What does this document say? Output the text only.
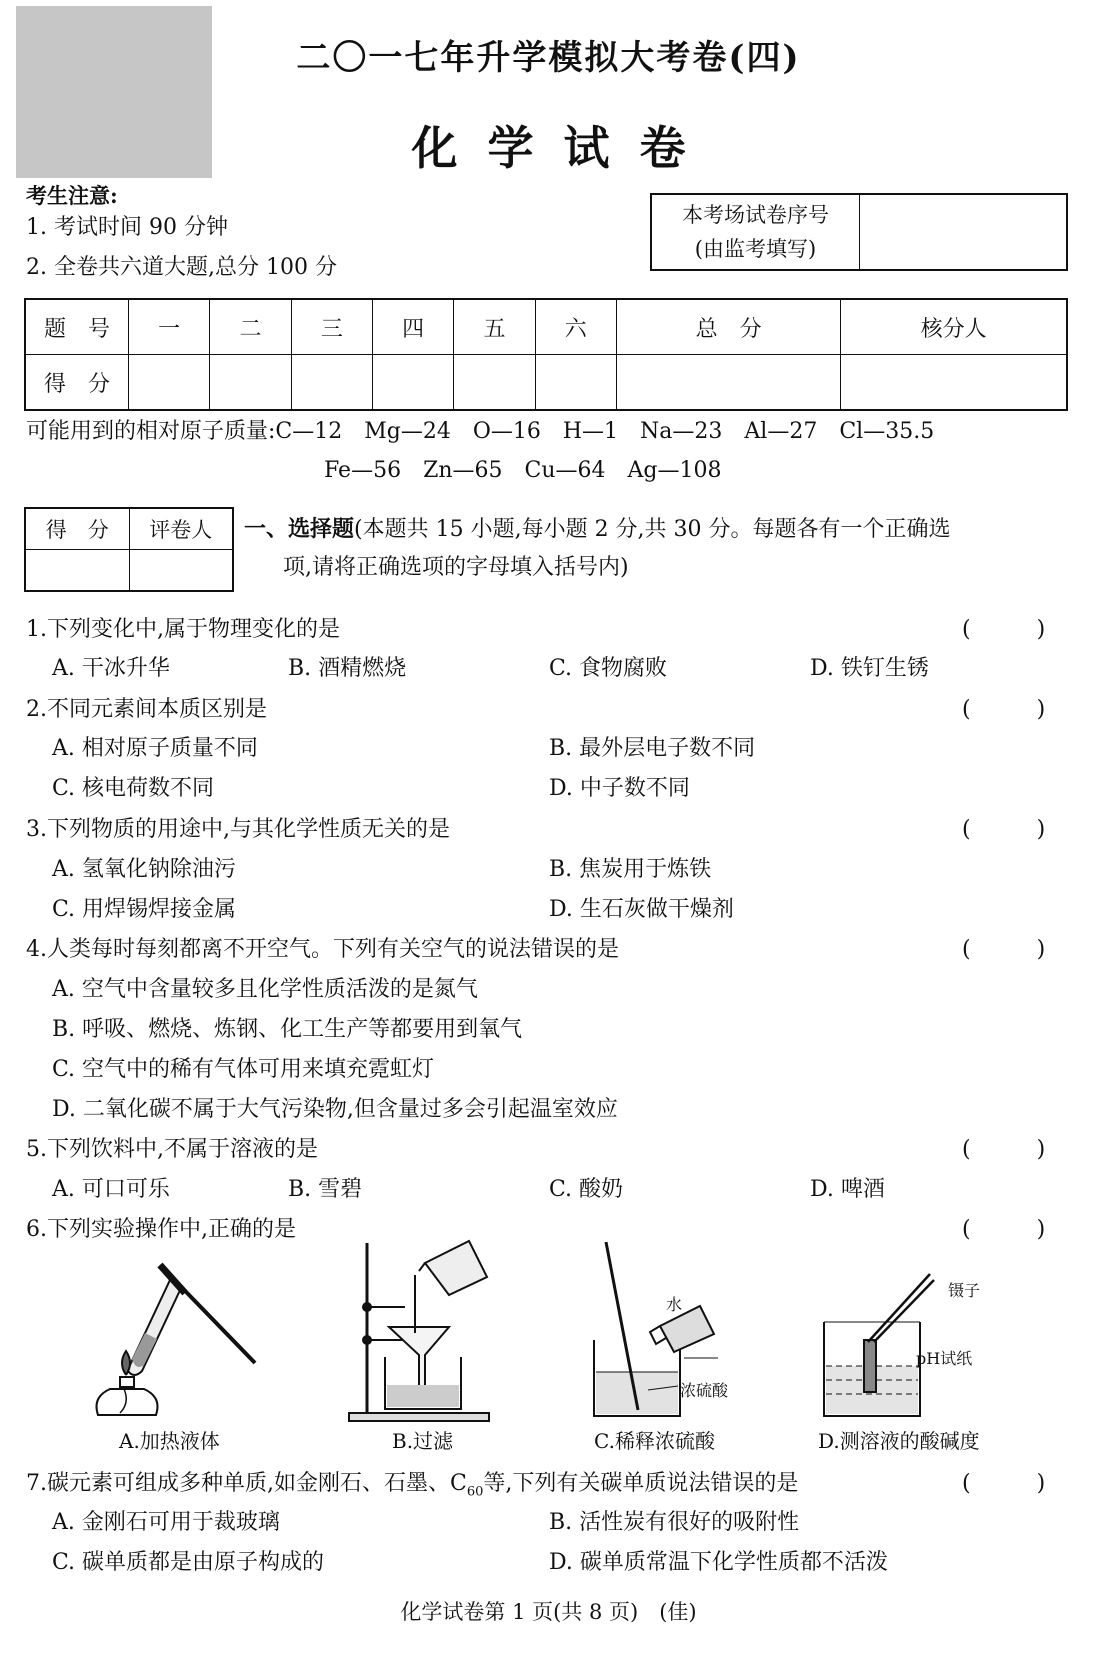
二〇一七年升学模拟大考卷(四)
化学试卷
考生注意:
1. 考试时间 90 分钟
2. 全卷共六道大题,总分 100 分
本考场试卷序号
(由监考填写)

题　号	一	二	三	四	五	六	总　分	核分人
得　分								
可能用到的相对原子质量:C—12　Mg—24　O—16　H—1　Na—23　Al—27　Cl—35.5
Fe—56　Zn—65　Cu—64　Ag—108
得　分	评卷人
	一、选择题(本题共 15 小题,每小题 2 分,共 30 分。每题各有一个正确选
项,请将正确选项的字母填入括号内)
1.下列变化中,属于物理变化的是	(　　　)
A. 干冰升华	B. 酒精燃烧	C. 食物腐败	D. 铁钉生锈
2.不同元素间本质区别是	(　　　)
A. 相对原子质量不同	B. 最外层电子数不同
C. 核电荷数不同	D. 中子数不同
3.下列物质的用途中,与其化学性质无关的是	(　　　)
A. 氢氧化钠除油污	B. 焦炭用于炼铁
C. 用焊锡焊接金属	D. 生石灰做干燥剂
4.人类每时每刻都离不开空气。下列有关空气的说法错误的是	(　　　)
A. 空气中含量较多且化学性质活泼的是氮气
B. 呼吸、燃烧、炼钢、化工生产等都要用到氧气
C. 空气中的稀有气体可用来填充霓虹灯
D. 二氧化碳不属于大气污染物,但含量过多会引起温室效应
5.下列饮料中,不属于溶液的是	(　　　)
A. 可口可乐	B. 雪碧	C. 酸奶	D. 啤酒
6.下列实验操作中,正确的是	(　　　)
A.加热液体	B.过滤
水
浓硫酸
C.稀释浓硫酸
镊子
pH试纸
D.测溶液的酸碱度
7.碳元素可组成多种单质,如金刚石、石墨、$C_{60}$等,下列有关碳单质说法错误的是	(　　　)
A. 金刚石可用于裁玻璃	B. 活性炭有很好的吸附性
C. 碳单质都是由原子构成的	D. 碳单质常温下化学性质都不活泼
化学试卷第 1 页(共 8 页)　(佳)
